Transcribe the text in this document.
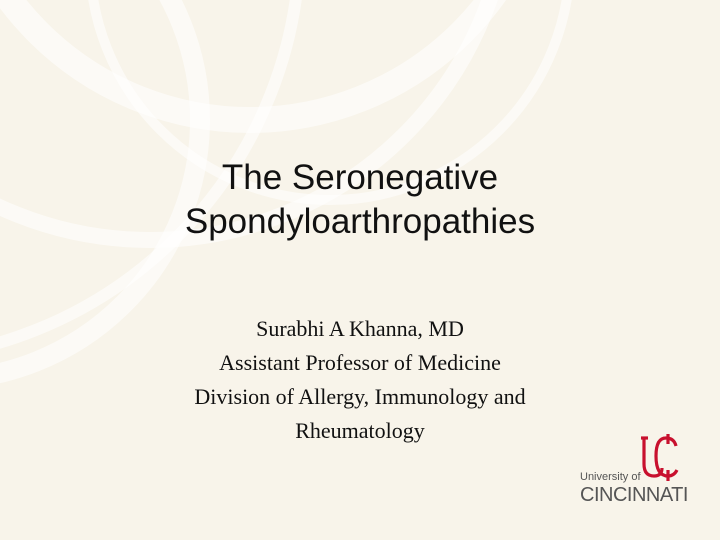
The Seronegative
Spondyloarthropathies
Surabhi A Khanna, MD
Assistant Professor of Medicine
Division of Allergy, Immunology and
Rheumatology
University of
CINCINNATI
